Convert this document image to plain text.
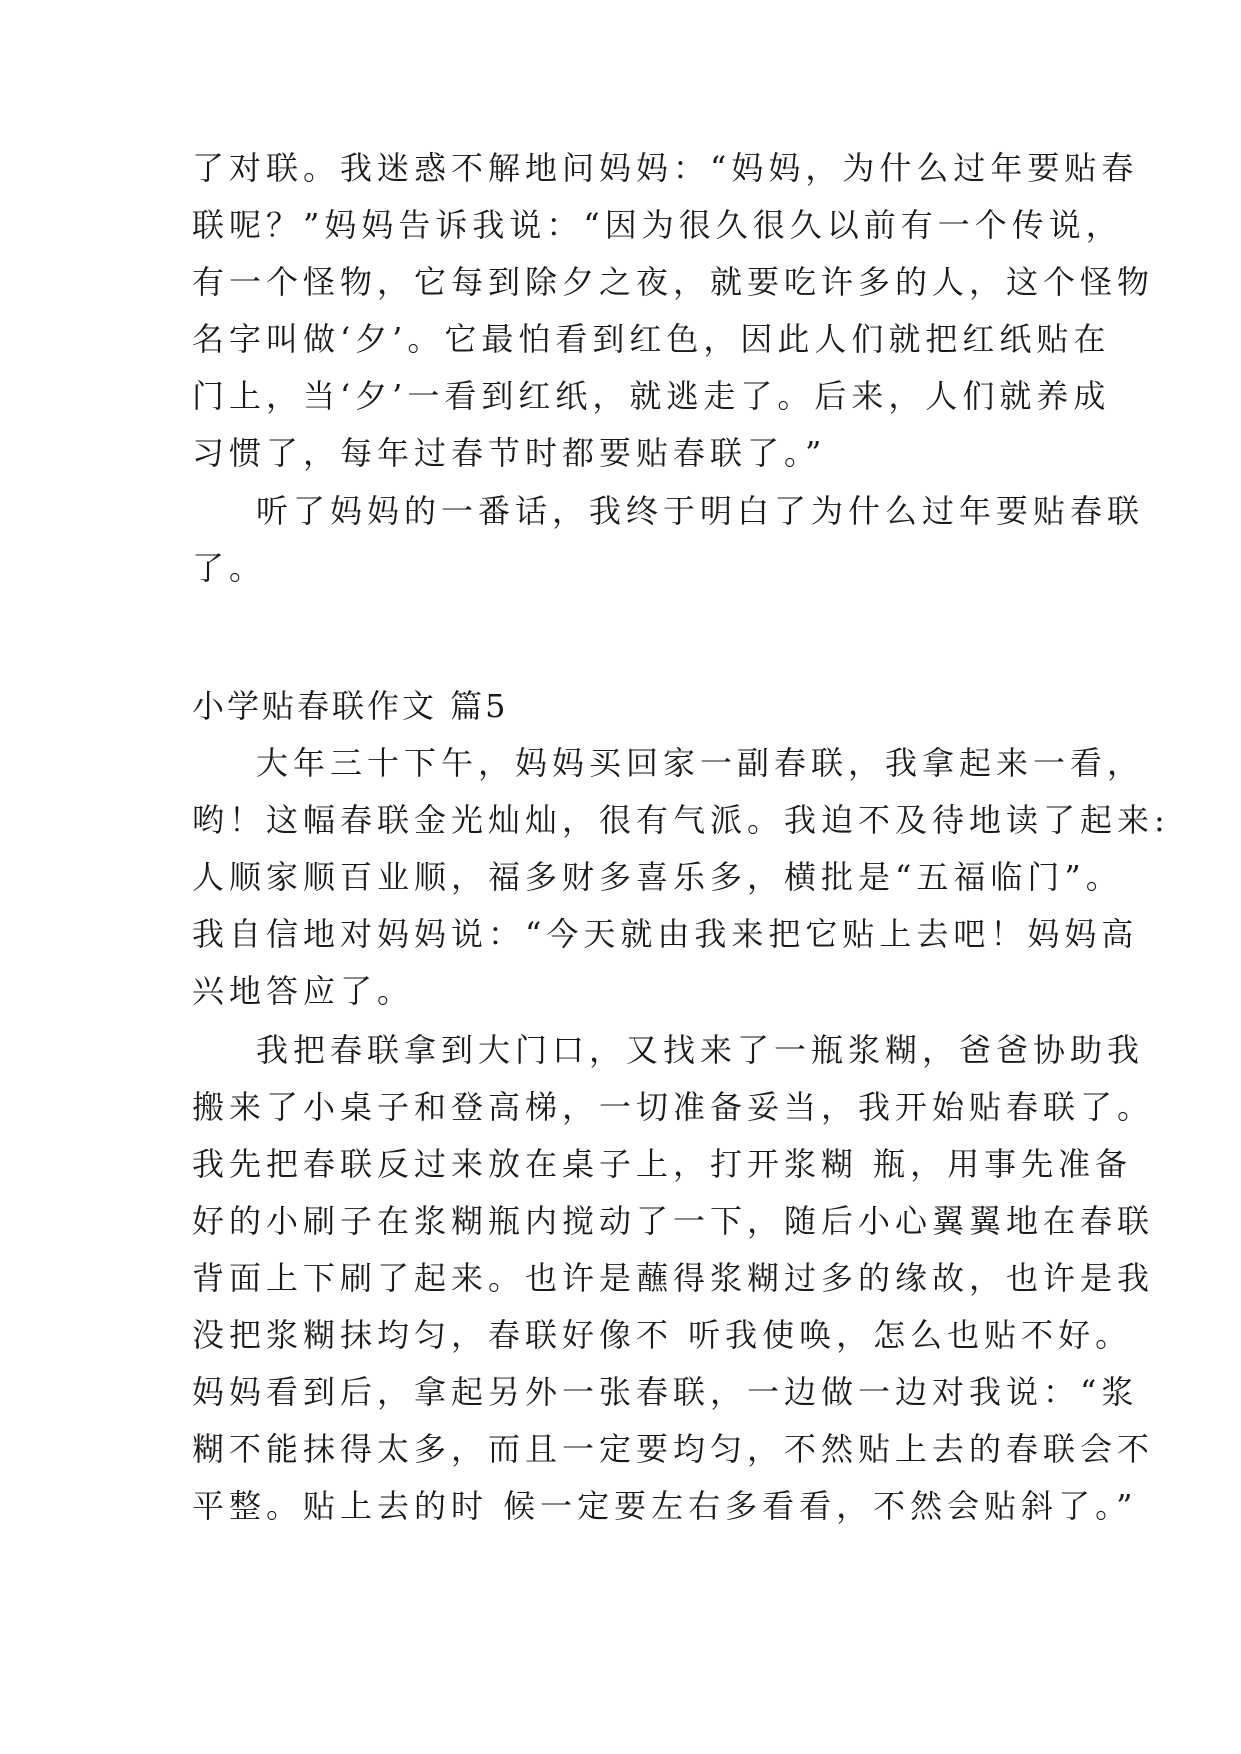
了对联。我迷惑不解地问妈妈：“妈妈，为什么过年要贴春
联呢？”妈妈告诉我说：“因为很久很久以前有一个传说，
有一个怪物，它每到除夕之夜，就要吃许多的人，这个怪物
名字叫做‘夕’。它最怕看到红色，因此人们就把红纸贴在
门上，当‘夕’一看到红纸，就逃走了。后来，人们就养成
习惯了，每年过春节时都要贴春联了。”
听了妈妈的一番话，我终于明白了为什么过年要贴春联
了。
小学贴春联作文 篇5
大年三十下午，妈妈买回家一副春联，我拿起来一看，
哟！这幅春联金光灿灿，很有气派。我迫不及待地读了起来:
人顺家顺百业顺，福多财多喜乐多，横批是“五福临门”。
我自信地对妈妈说：“今天就由我来把它贴上去吧！妈妈高
兴地答应了。
我把春联拿到大门口，又找来了一瓶浆糊，爸爸协助我
搬来了小桌子和登高梯，一切准备妥当，我开始贴春联了。
我先把春联反过来放在桌子上，打开浆糊 瓶，用事先准备
好的小刷子在浆糊瓶内搅动了一下，随后小心翼翼地在春联
背面上下刷了起来。也许是蘸得浆糊过多的缘故，也许是我
没把浆糊抹均匀，春联好像不 听我使唤，怎么也贴不好。
妈妈看到后，拿起另外一张春联，一边做一边对我说：“浆
糊不能抹得太多，而且一定要均匀，不然贴上去的春联会不
平整。贴上去的时 候一定要左右多看看，不然会贴斜了。”
